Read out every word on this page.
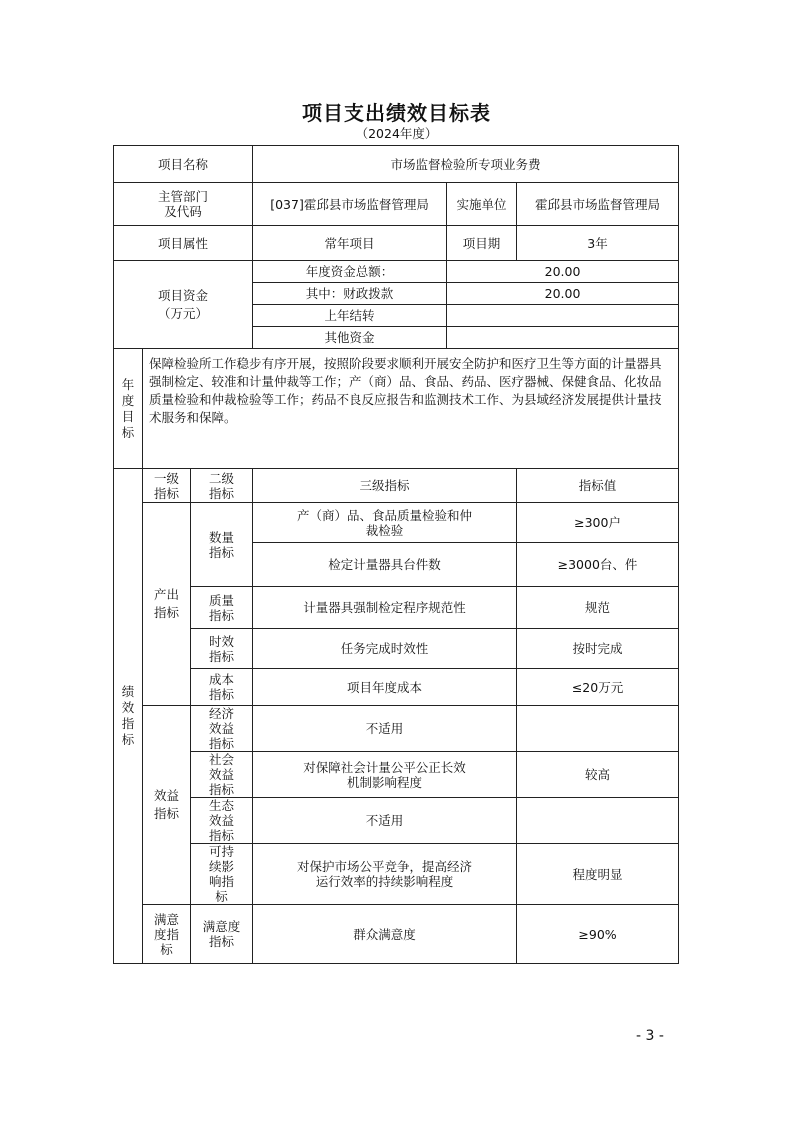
项目支出绩效目标表
（2024年度）
项目名称			市场监督检验所专项业务费		
主管部门及代码			[037]霍邱县市场监督管理局	实施单位	霍邱县市场监督管理局
项目属性			常年项目	项目期	3年
项目资金（万元）			年度资金总额：	20.00	
			其中：财政拨款	20.00	
			上年结转		
			其他资金		
年度目标	保障检验所工作稳步有序开展，按照阶段要求顺利开展安全防护和医疗卫生等方面的计量器具强制检定、较准和计量仲裁等工作；产（商）品、食品、药品、医疗器械、保健食品、化妆品质量检验和仲裁检验等工作；药品不良反应报告和监测技术工作、为县域经济发展提供计量技术服务和保障。				
绩效指标	一级指标	二级指标	三级指标		指标值
	产出指标	数量指标	产（商）品、食品质量检验和仲裁检验		≥300户
			检定计量器具台件数		≥3000台、件
		质量指标	计量器具强制检定程序规范性		规范
		时效指标	任务完成时效性		按时完成
		成本指标	项目年度成本		≤20万元
	效益指标	经济效益指标	不适用		
		社会效益指标	对保障社会计量公平公正长效机制影响程度		较高
		生态效益指标	不适用		
		可持续影响指标	对保护市场公平竞争，提高经济运行效率的持续影响程度		程度明显
	满意度指标	满意度指标	群众满意度		≥90%
- 3 -
